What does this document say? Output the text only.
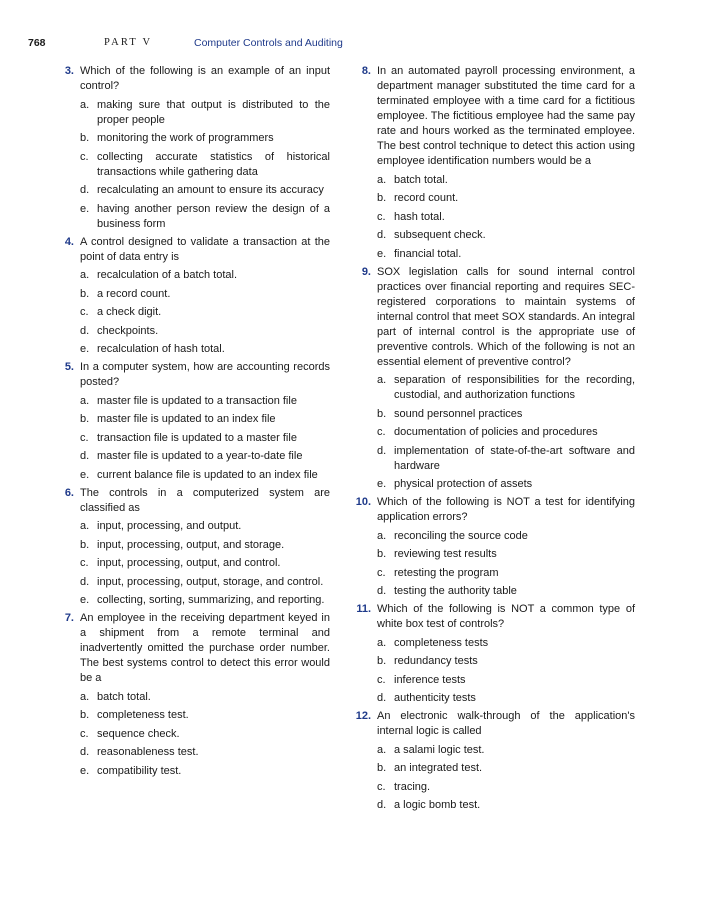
768	PART V	Computer Controls and Auditing
3. Which of the following is an example of an input control?
a. making sure that output is distributed to the proper people
b. monitoring the work of programmers
c. collecting accurate statistics of historical transactions while gathering data
d. recalculating an amount to ensure its accuracy
e. having another person review the design of a business form
4. A control designed to validate a transaction at the point of data entry is
a. recalculation of a batch total.
b. a record count.
c. a check digit.
d. checkpoints.
e. recalculation of hash total.
5. In a computer system, how are accounting records posted?
a. master file is updated to a transaction file
b. master file is updated to an index file
c. transaction file is updated to a master file
d. master file is updated to a year-to-date file
e. current balance file is updated to an index file
6. The controls in a computerized system are classified as
a. input, processing, and output.
b. input, processing, output, and storage.
c. input, processing, output, and control.
d. input, processing, output, storage, and control.
e. collecting, sorting, summarizing, and reporting.
7. An employee in the receiving department keyed in a shipment from a remote terminal and inadvertently omitted the purchase order number. The best systems control to detect this error would be a
a. batch total.
b. completeness test.
c. sequence check.
d. reasonableness test.
e. compatibility test.
8. In an automated payroll processing environment, a department manager substituted the time card for a terminated employee with a time card for a fictitious employee. The fictitious employee had the same pay rate and hours worked as the terminated employee. The best control technique to detect this action using employee identification numbers would be a
a. batch total.
b. record count.
c. hash total.
d. subsequent check.
e. financial total.
9. SOX legislation calls for sound internal control practices over financial reporting and requires SEC-registered corporations to maintain systems of internal control that meet SOX standards. An integral part of internal control is the appropriate use of preventive controls. Which of the following is not an essential element of preventive control?
a. separation of responsibilities for the recording, custodial, and authorization functions
b. sound personnel practices
c. documentation of policies and procedures
d. implementation of state-of-the-art software and hardware
e. physical protection of assets
10. Which of the following is NOT a test for identifying application errors?
a. reconciling the source code
b. reviewing test results
c. retesting the program
d. testing the authority table
11. Which of the following is NOT a common type of white box test of controls?
a. completeness tests
b. redundancy tests
c. inference tests
d. authenticity tests
12. An electronic walk-through of the application's internal logic is called
a. a salami logic test.
b. an integrated test.
c. tracing.
d. a logic bomb test.
